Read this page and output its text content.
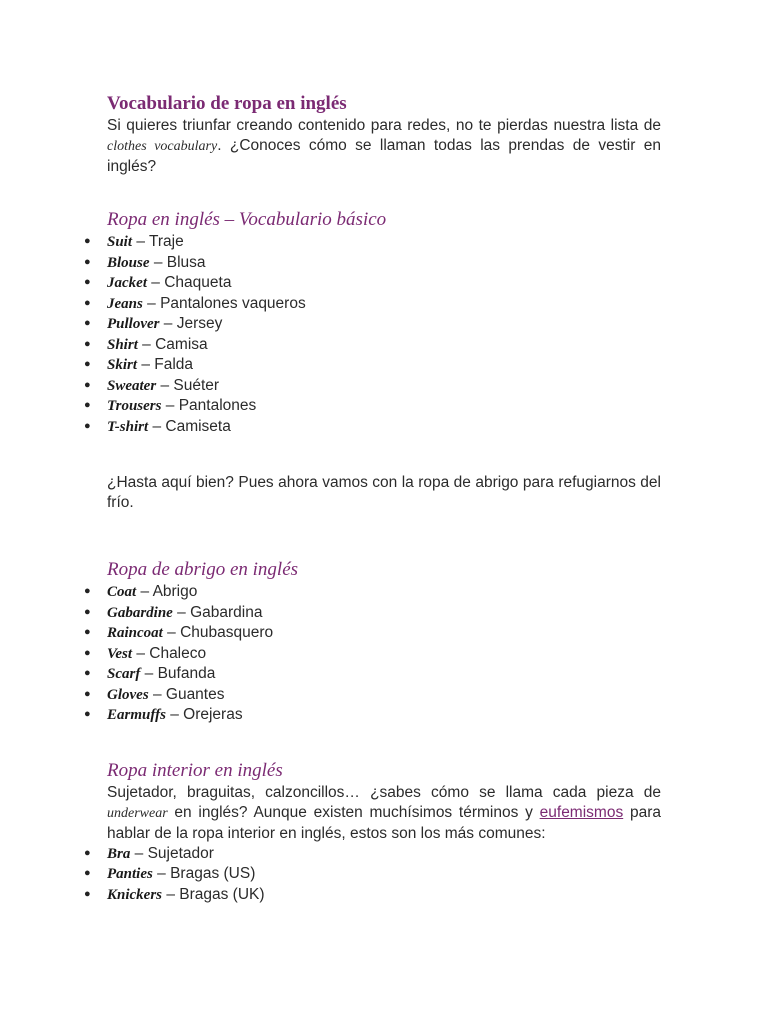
Vocabulario de ropa en inglés

Si quieres triunfar creando contenido para redes, no te pierdas nuestra lista de clothes vocabulary. ¿Conoces cómo se llaman todas las prendas de vestir en inglés?

Ropa en inglés – Vocabulario básico
● Suit – Traje
● Blouse – Blusa
● Jacket – Chaqueta
● Jeans – Pantalones vaqueros
● Pullover – Jersey
● Shirt – Camisa
● Skirt – Falda
● Sweater – Suéter
● Trousers – Pantalones
● T-shirt – Camiseta

¿Hasta aquí bien? Pues ahora vamos con la ropa de abrigo para refugiarnos del frío.

Ropa de abrigo en inglés
● Coat – Abrigo
● Gabardine – Gabardina
● Raincoat – Chubasquero
● Vest – Chaleco
● Scarf – Bufanda
● Gloves – Guantes
● Earmuffs – Orejeras
Ropa interior en inglés

Sujetador, braguitas, calzoncillos… ¿sabes cómo se llama cada pieza de underwear en inglés? Aunque existen muchísimos términos y eufemismos para hablar de la ropa interior en inglés, estos son los más comunes:

● Bra – Sujetador
● Panties – Bragas (US)
● Knickers – Bragas (UK)
